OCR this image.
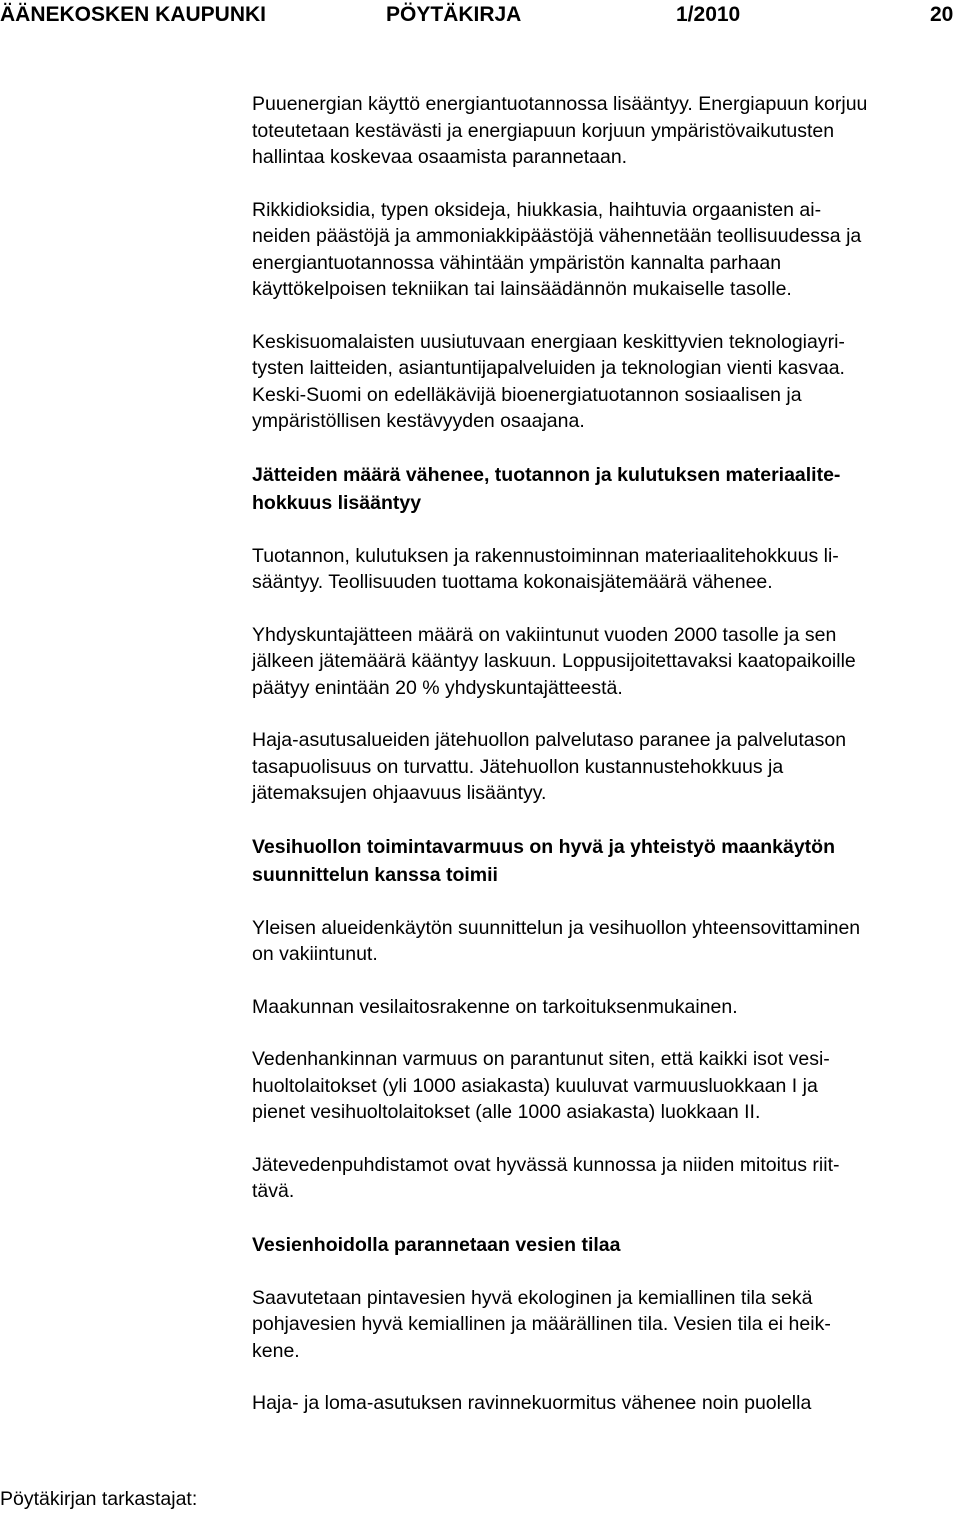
ÄÄNEKOSKEN KAUPUNKI	PÖYTÄKIRJA	1/2010	20

Puuenergian käyttö energiantuotannossa lisääntyy. Energiapuun korjuu
toteutetaan kestävästi ja energiapuun korjuun ympäristövaikutusten
hallintaa koskevaa osaamista parannetaan.

Rikkidioksidia, typen oksideja, hiukkasia, haihtuvia orgaanisten ai-
neiden päästöjä ja ammoniakkipäästöjä vähennetään teollisuudessa ja
energiantuotannossa vähintään ympäristön kannalta parhaan
käyttökelpoisen tekniikan tai lainsäädännön mukaiselle tasolle.

Keskisuomalaisten uusiutuvaan energiaan keskittyvien teknologiayri-
tysten laitteiden, asiantuntijapalveluiden ja teknologian vienti kasvaa.
Keski-Suomi on edelläkävijä bioenergiatuotannon sosiaalisen ja
ympäristöllisen kestävyyden osaajana.

Jätteiden määrä vähenee, tuotannon ja kulutuksen materiaalite-
hokkuus lisääntyy

Tuotannon, kulutuksen ja rakennustoiminnan materiaalitehokkuus li-
sääntyy. Teollisuuden tuottama kokonaisjätemäärä vähenee.

Yhdyskuntajätteen määrä on vakiintunut vuoden 2000 tasolle ja sen
jälkeen jätemäärä kääntyy laskuun. Loppusijoitettavaksi kaatopaikoille
päätyy enintään 20 % yhdyskuntajätteestä.

Haja-asutusalueiden jätehuollon palvelutaso paranee ja palvelutason
tasapuolisuus on turvattu. Jätehuollon kustannustehokkuus ja
jätemaksujen ohjaavuus lisääntyy.

Vesihuollon toimintavarmuus on hyvä ja yhteistyö maankäytön
suunnittelun kanssa toimii

Yleisen alueidenkäytön suunnittelun ja vesihuollon yhteensovittaminen
on vakiintunut.

Maakunnan vesilaitosrakenne on tarkoituksenmukainen.

Vedenhankinnan varmuus on parantunut siten, että kaikki isot vesi-
huoltolaitokset (yli 1000 asiakasta) kuuluvat varmuusluokkaan I ja
pienet vesihuoltolaitokset (alle 1000 asiakasta) luokkaan II.

Jätevedenpuhdistamot ovat hyvässä kunnossa ja niiden mitoitus riit-
tävä.

Vesienhoidolla parannetaan vesien tilaa

Saavutetaan pintavesien hyvä ekologinen ja kemiallinen tila sekä
pohjavesien hyvä kemiallinen ja määrällinen tila. Vesien tila ei heik-
kene.

Haja- ja loma-asutuksen ravinnekuormitus vähenee noin puolella

Pöytäkirjan tarkastajat:
